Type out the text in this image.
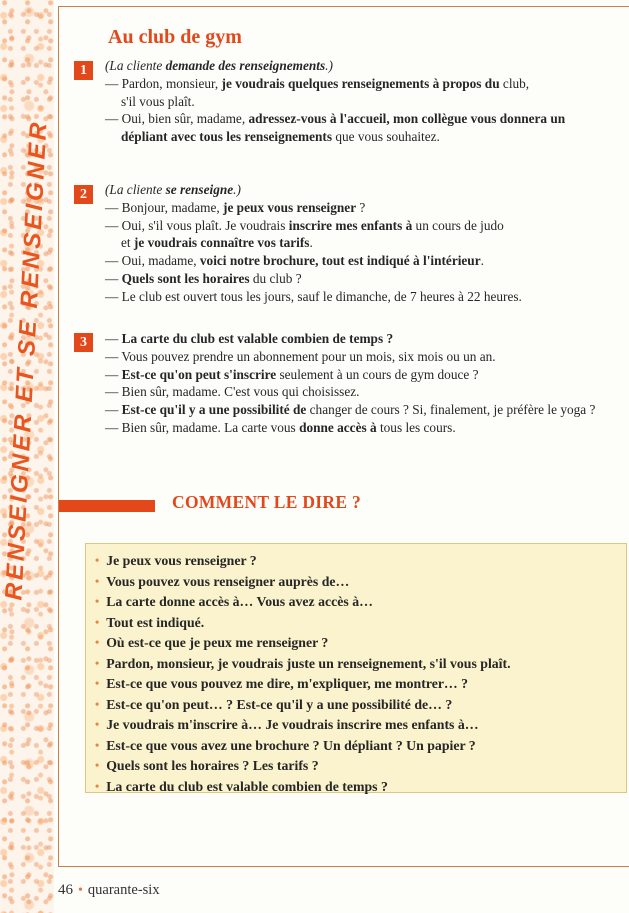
RENSEIGNER ET SE RENSEIGNER
Au club de gym
1	(La cliente demande des renseignements.)
— Pardon, monsieur, je voudrais quelques renseignements à propos du club,
s'il vous plaît.
— Oui, bien sûr, madame, adressez-vous à l'accueil, mon collègue vous donnera un
dépliant avec tous les renseignements que vous souhaitez.
2	(La cliente se renseigne.)
— Bonjour, madame, je peux vous renseigner ?
— Oui, s'il vous plaît. Je voudrais inscrire mes enfants à un cours de judo
et je voudrais connaître vos tarifs.
— Oui, madame, voici notre brochure, tout est indiqué à l'intérieur.
— Quels sont les horaires du club ?
— Le club est ouvert tous les jours, sauf le dimanche, de 7 heures à 22 heures.
3	— La carte du club est valable combien de temps ?
— Vous pouvez prendre un abonnement pour un mois, six mois ou un an.
— Est-ce qu'on peut s'inscrire seulement à un cours de gym douce ?
— Bien sûr, madame. C'est vous qui choisissez.
— Est-ce qu'il y a une possibilité de changer de cours ? Si, finalement, je préfère le yoga ?
— Bien sûr, madame. La carte vous donne accès à tous les cours.
COMMENT LE DIRE ?
• Je peux vous renseigner ?
• Vous pouvez vous renseigner auprès de…
• La carte donne accès à… Vous avez accès à…
• Tout est indiqué.
• Où est-ce que je peux me renseigner ?
• Pardon, monsieur, je voudrais juste un renseignement, s'il vous plaît.
• Est-ce que vous pouvez me dire, m'expliquer, me montrer… ?
• Est-ce qu'on peut… ? Est-ce qu'il y a une possibilité de… ?
• Je voudrais m'inscrire à… Je voudrais inscrire mes enfants à…
• Est-ce que vous avez une brochure ? Un dépliant ? Un papier ?
• Quels sont les horaires ? Les tarifs ?
• La carte du club est valable combien de temps ?
46 • quarante-six
